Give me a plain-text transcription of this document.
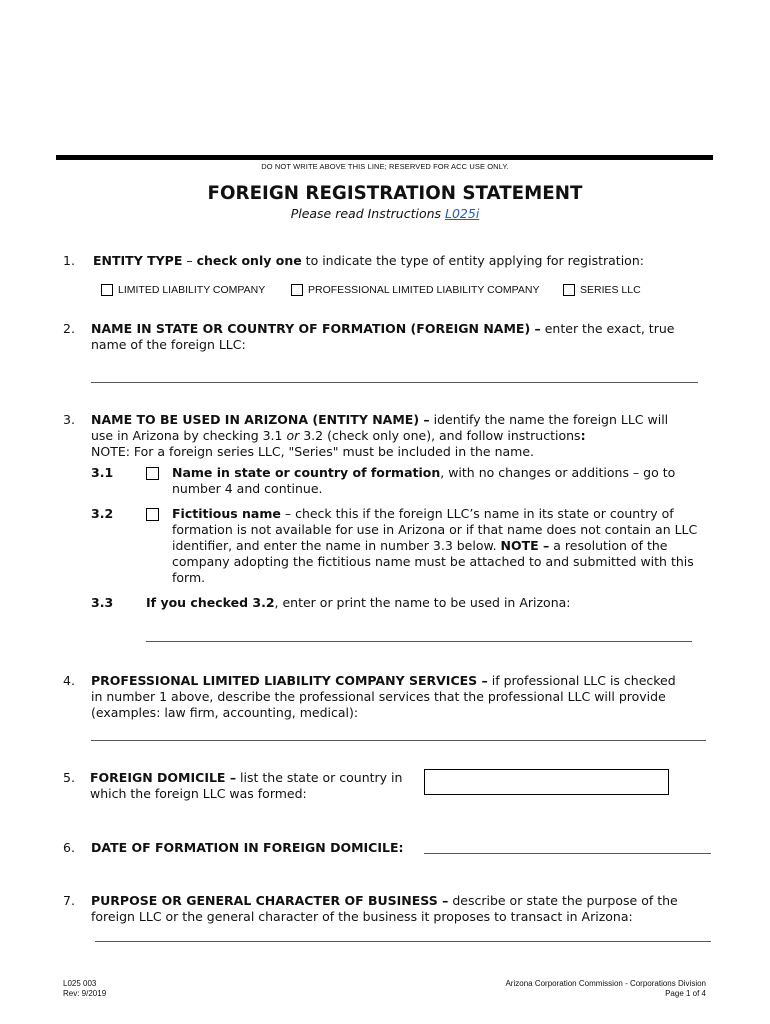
DO NOT WRITE ABOVE THIS LINE; RESERVED FOR ACC USE ONLY.
FOREIGN REGISTRATION STATEMENT
Please read Instructions L025i
1. ENTITY TYPE – check only one to indicate the type of entity applying for registration:
LIMITED LIABILITY COMPANY	PROFESSIONAL LIMITED LIABILITY COMPANY	SERIES LLC
2. NAME IN STATE OR COUNTRY OF FORMATION (FOREIGN NAME) – enter the exact, true
name of the foreign LLC:
3. NAME TO BE USED IN ARIZONA (ENTITY NAME) – identify the name the foreign LLC will
use in Arizona by checking 3.1 or 3.2 (check only one), and follow instructions:
NOTE: For a foreign series LLC, "Series" must be included in the name.
3.1	Name in state or country of formation, with no changes or additions – go to
number 4 and continue.
3.2	Fictitious name – check this if the foreign LLC’s name in its state or country of
formation is not available for use in Arizona or if that name does not contain an LLC
identifier, and enter the name in number 3.3 below. NOTE – a resolution of the
company adopting the fictitious name must be attached to and submitted with this
form.
3.3	If you checked 3.2, enter or print the name to be used in Arizona:
4. PROFESSIONAL LIMITED LIABILITY COMPANY SERVICES – if professional LLC is checked
in number 1 above, describe the professional services that the professional LLC will provide
(examples: law firm, accounting, medical):
5. FOREIGN DOMICILE – list the state or country in
which the foreign LLC was formed:
6. DATE OF FORMATION IN FOREIGN DOMICILE:
7. PURPOSE OR GENERAL CHARACTER OF BUSINESS – describe or state the purpose of the
foreign LLC or the general character of the business it proposes to transact in Arizona:
L025 003
Rev: 9/2019
Arizona Corporation Commission - Corporations Division
Page 1 of 4
